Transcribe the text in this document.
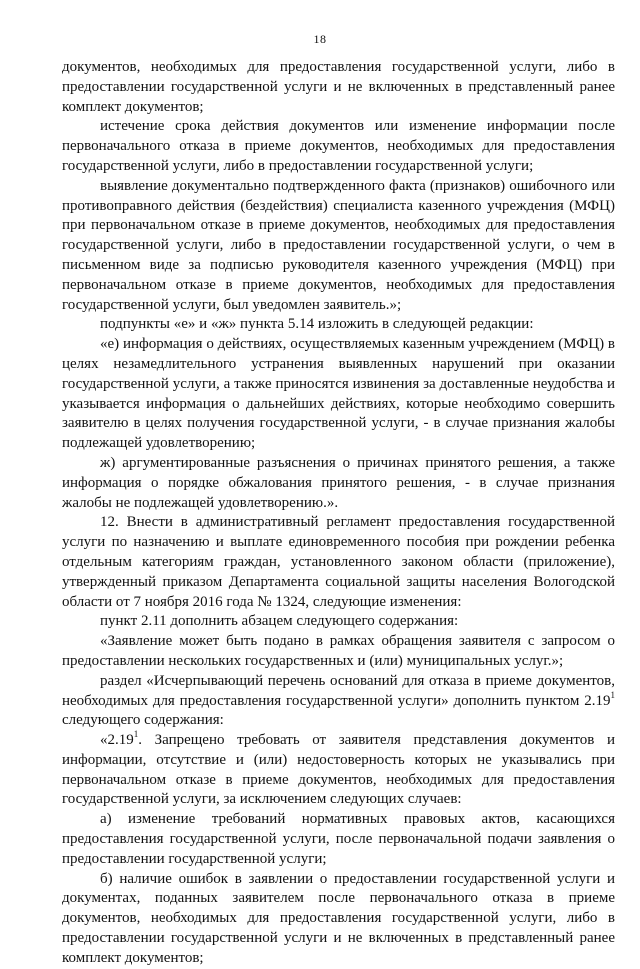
18

документов, необходимых для предоставления государственной услуги, либо в предоставлении государственной услуги и не включенных в представленный ранее комплект документов;

истечение срока действия документов или изменение информации после первоначального отказа в приеме документов, необходимых для предоставления государственной услуги, либо в предоставлении государственной услуги;

выявление документально подтвержденного факта (признаков) ошибочного или противоправного действия (бездействия) специалиста казенного учреждения (МФЦ) при первоначальном отказе в приеме документов, необходимых для предоставления государственной услуги, либо в предоставлении государственной услуги, о чем в письменном виде за подписью руководителя казенного учреждения (МФЦ) при первоначальном отказе в приеме документов, необходимых для предоставления государственной услуги, был уведомлен заявитель.»;

подпункты «е» и «ж» пункта 5.14 изложить в следующей редакции:

«е) информация о действиях, осуществляемых казенным учреждением (МФЦ) в целях незамедлительного устранения выявленных нарушений при оказании государственной услуги, а также приносятся извинения за доставленные неудобства и указывается информация о дальнейших действиях, которые необходимо совершить заявителю в целях получения государственной услуги, - в случае признания жалобы подлежащей удовлетворению;

ж) аргументированные разъяснения о причинах принятого решения, а также информация о порядке обжалования принятого решения, - в случае признания жалобы не подлежащей удовлетворению.».

12. Внести в административный регламент предоставления государственной услуги по назначению и выплате единовременного пособия при рождении ребенка отдельным категориям граждан, установленного законом области (приложение), утвержденный приказом Департамента социальной защиты населения Вологодской области от 7 ноября 2016 года № 1324, следующие изменения:

пункт 2.11 дополнить абзацем следующего содержания:

«Заявление может быть подано в рамках обращения заявителя с запросом о предоставлении нескольких государственных и (или) муниципальных услуг.»;

раздел «Исчерпывающий перечень оснований для отказа в приеме документов, необходимых для предоставления государственной услуги» дополнить пунктом 2.19$^1$ следующего содержания:

«2.19$^1$. Запрещено требовать от заявителя представления документов и информации, отсутствие и (или) недостоверность которых не указывались при первоначальном отказе в приеме документов, необходимых для предоставления государственной услуги, за исключением следующих случаев:

а) изменение требований нормативных правовых актов, касающихся предоставления государственной услуги, после первоначальной подачи заявления о предоставлении государственной услуги;

б) наличие ошибок в заявлении о предоставлении государственной услуги и документах, поданных заявителем после первоначального отказа в приеме документов, необходимых для предоставления государственной услуги, либо в предоставлении государственной услуги и не включенных в представленный ранее комплект документов;
